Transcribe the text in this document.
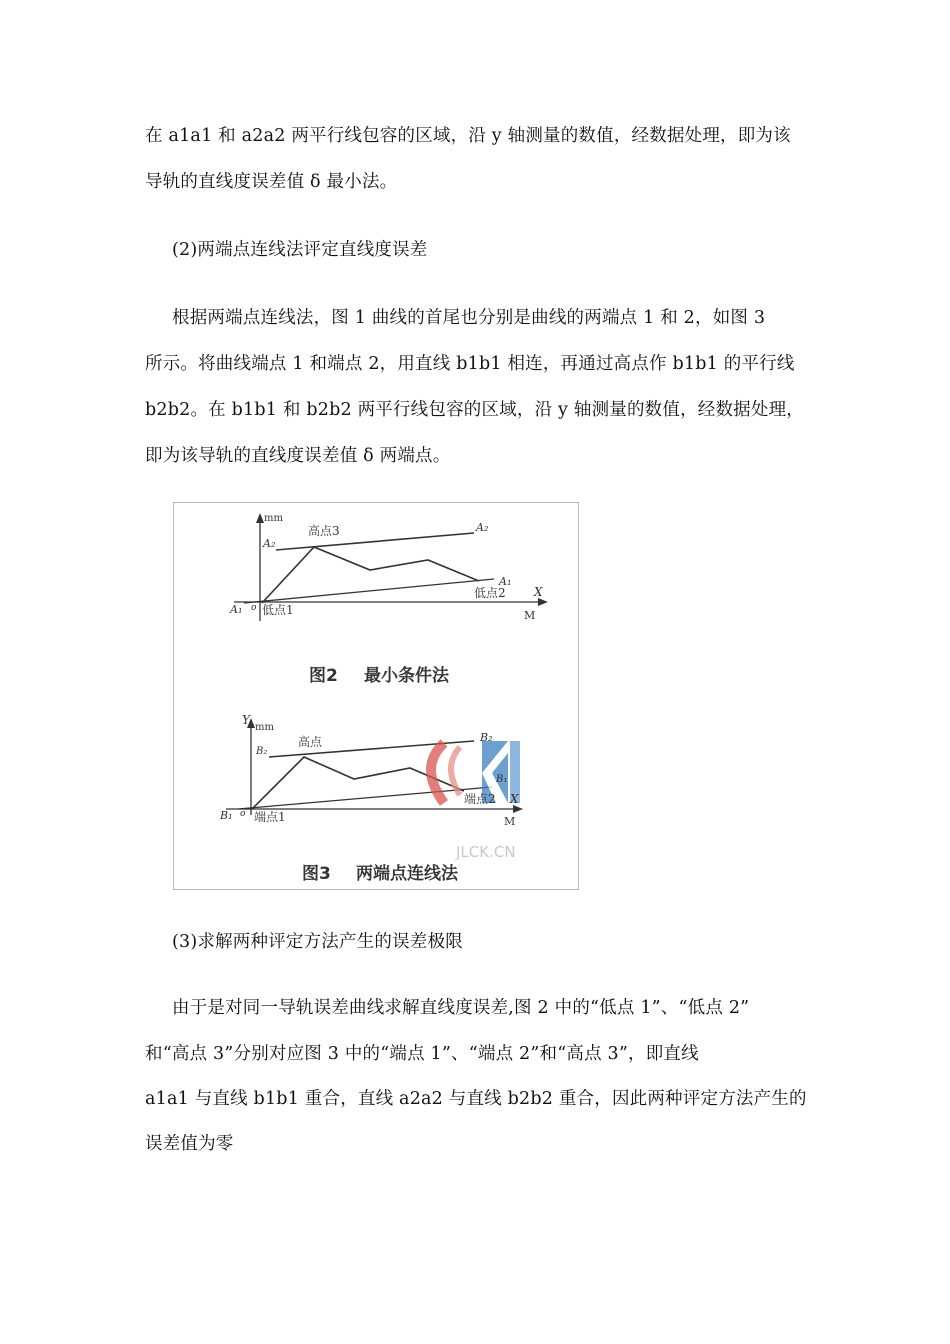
在 a1a1 和 a2a2 两平行线包容的区域，沿 y 轴测量的数值，经数据处理，即为该
导轨的直线度误差值 δ 最小法。
(2)两端点连线法评定直线度误差
根据两端点连线法，图 1 曲线的首尾也分别是曲线的两端点 1 和 2，如图 3
所示。将曲线端点 1 和端点 2，用直线 b1b1 相连，再通过高点作 b1b1 的平行线
b2b2。在 b1b1 和 b2b2 两平行线包容的区域，沿 y 轴测量的数值，经数据处理，
即为该导轨的直线度误差值 δ 两端点。
mm
A₂
A₂
高点3
A₁
低点2 X
A₁ o 低点1	M
图2 最小条件法
Y
mm
B₂
B₂
高点
B₁
端点2 X
B₁ o 端点1	M
JLCK.CN
图3 两端点连线法
(3)求解两种评定方法产生的误差极限
由于是对同一导轨误差曲线求解直线度误差,图 2 中的“低点 1”、“低点 2”
和“高点 3”分别对应图 3 中的“端点 1”、“端点 2”和“高点 3”，即直线
a1a1 与直线 b1b1 重合，直线 a2a2 与直线 b2b2 重合，因此两种评定方法产生的
误差值为零
